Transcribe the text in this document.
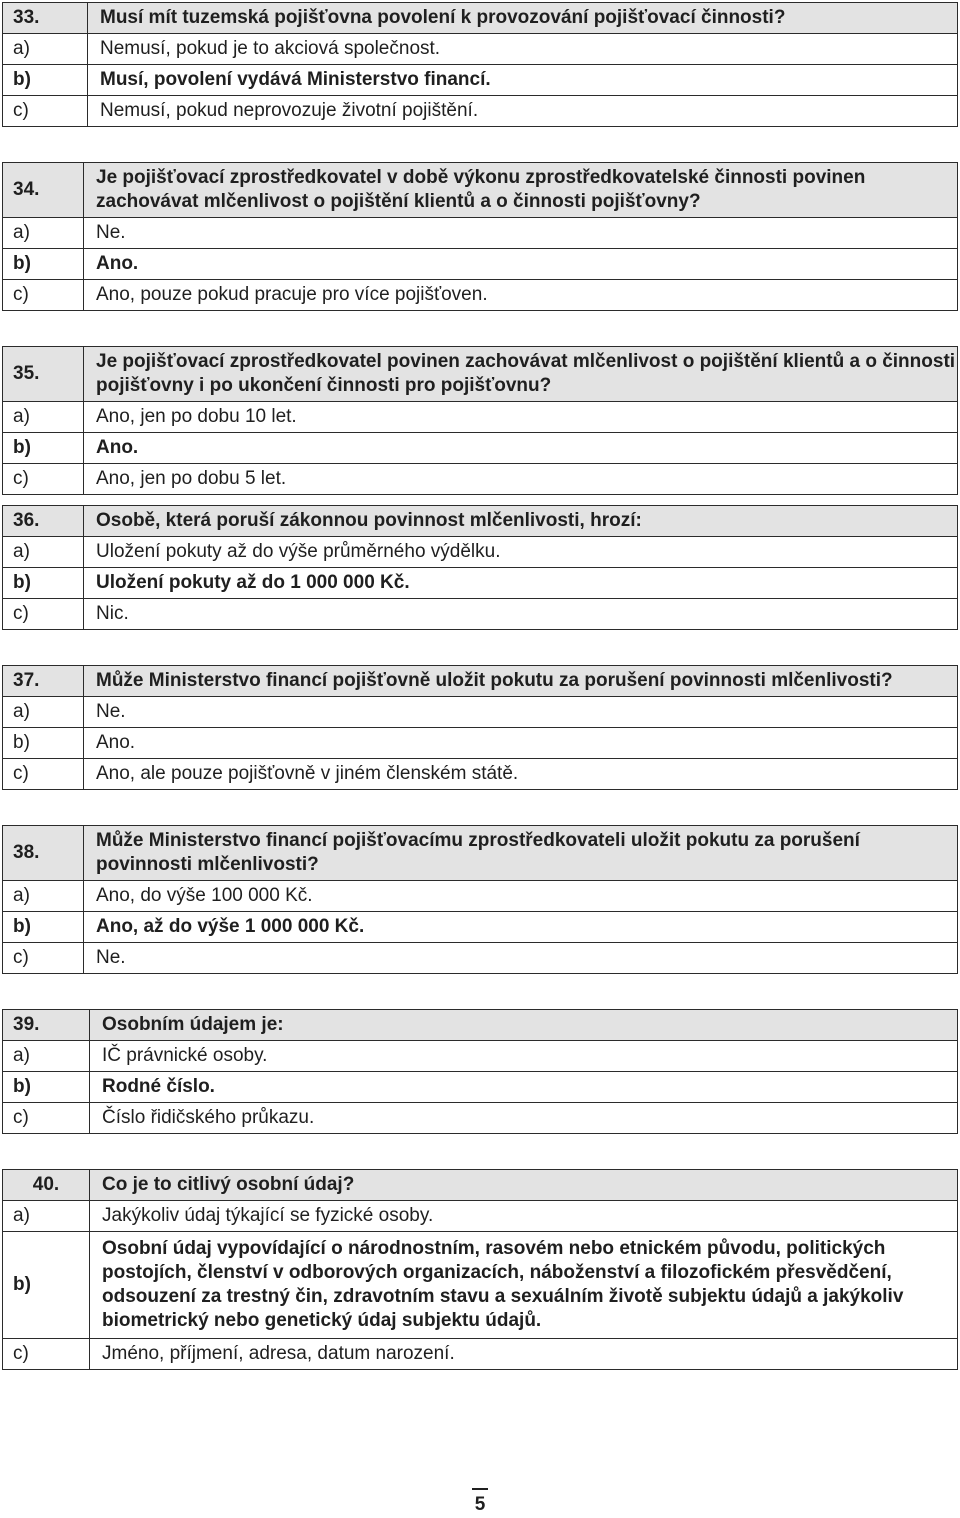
33.	Musí mít tuzemská pojišťovna povolení k provozování pojišťovací činnosti?
a)	Nemusí, pokud je to akciová společnost.
b)	Musí, povolení vydává Ministerstvo financí.
c)	Nemusí, pokud neprovozuje životní pojištění.
34.	Je pojišťovací zprostředkovatel v době výkonu zprostředkovatelské činnosti povinen zachovávat mlčenlivost o pojištění klientů a o činnosti pojišťovny?
a)	Ne.
b)	Ano.
c)	Ano, pouze pokud pracuje pro více pojišťoven.
35.	Je pojišťovací zprostředkovatel povinen zachovávat mlčenlivost o pojištění klientů a o činnosti pojišťovny i po ukončení činnosti pro pojišťovnu?
a)	Ano, jen po dobu 10 let.
b)	Ano.
c)	Ano, jen po dobu 5 let.
36.	Osobě, která poruší zákonnou povinnost mlčenlivosti, hrozí:
a)	Uložení pokuty až do výše průměrného výdělku.
b)	Uložení pokuty až do 1 000 000 Kč.
c)	Nic.
37.	Může Ministerstvo financí pojišťovně uložit pokutu za porušení povinnosti mlčenlivosti?
a)	Ne.
b)	Ano.
c)	Ano, ale pouze pojišťovně v jiném členském státě.
38.	Může Ministerstvo financí pojišťovacímu zprostředkovateli uložit pokutu za porušení povinnosti mlčenlivosti?
a)	Ano, do výše 100 000 Kč.
b)	Ano, až do výše 1 000 000 Kč.
c)	Ne.
39.	Osobním údajem je:
a)	IČ právnické osoby.
b)	Rodné číslo.
c)	Číslo řidičského průkazu.
40.	Co je to citlivý osobní údaj?
a)	Jakýkoliv údaj týkající se fyzické osoby.
b)	Osobní údaj vypovídající o národnostním, rasovém nebo etnickém původu, politických postojích, členství v odborových organizacích, náboženství a filozofickém přesvědčení, odsouzení za trestný čin, zdravotním stavu a sexuálním životě subjektu údajů a jakýkoliv biometrický nebo genetický údaj subjektu údajů.
c)	Jméno, příjmení, adresa, datum narození.
5
